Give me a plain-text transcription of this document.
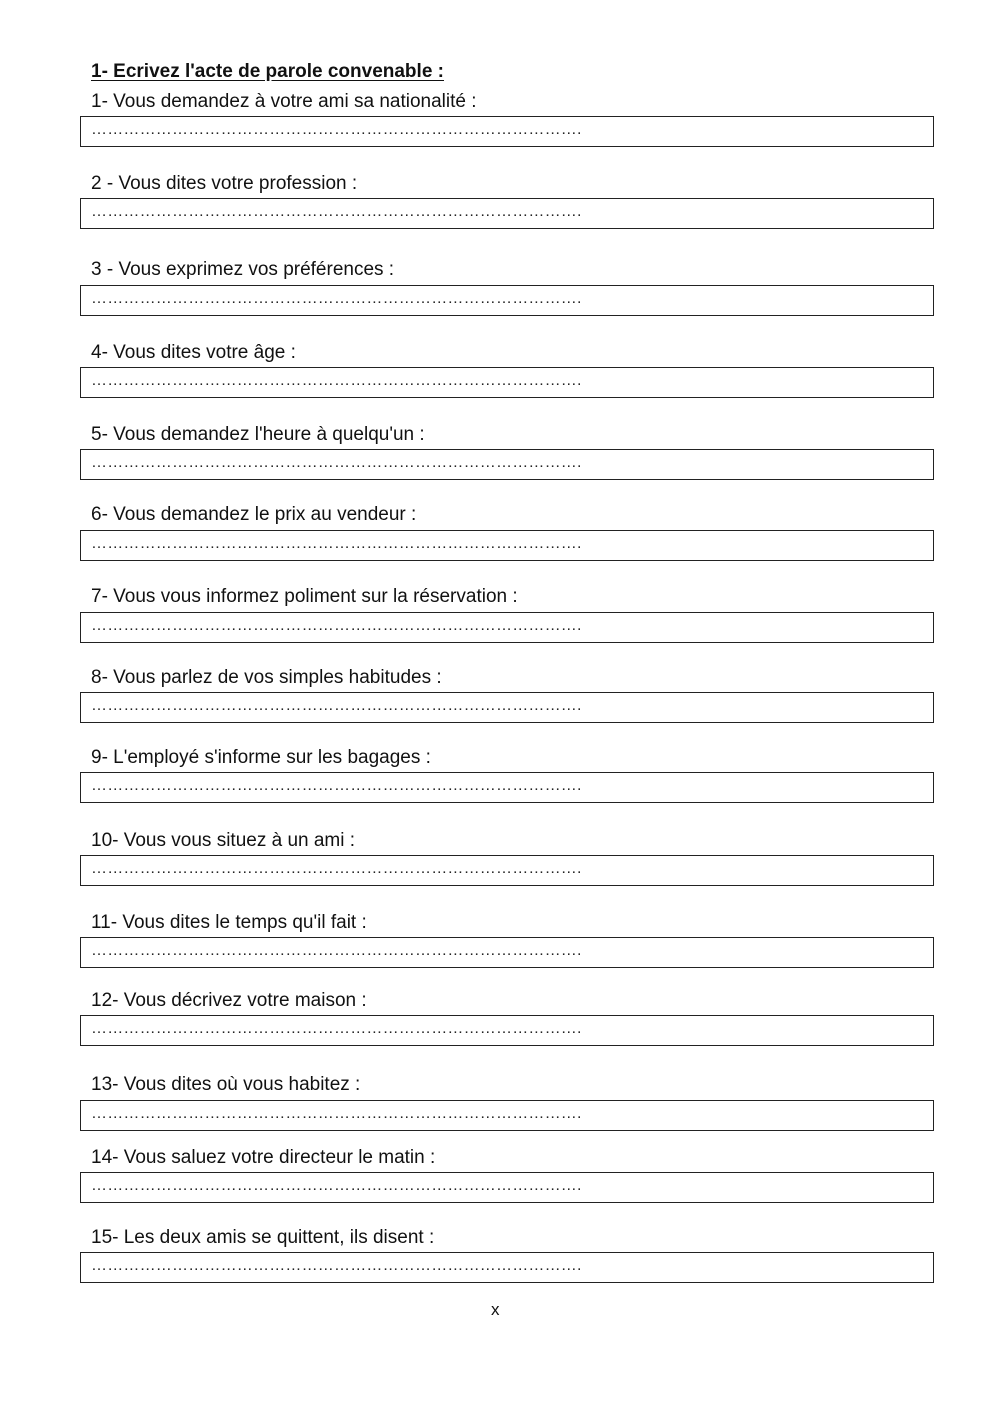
1- Ecrivez l'acte de parole convenable :
1- Vous demandez à votre ami sa nationalité :
……………………………………………………………………………….
2 - Vous dites votre profession :
……………………………………………………………………………….
3 - Vous exprimez vos préférences :
……………………………………………………………………………….
4- Vous dites votre âge :
……………………………………………………………………………….
5- Vous demandez l'heure à quelqu'un :
……………………………………………………………………………….
6- Vous demandez le prix au vendeur :
……………………………………………………………………………….
7- Vous vous informez poliment sur la réservation :
……………………………………………………………………………….
8- Vous parlez de vos simples habitudes :
……………………………………………………………………………….
9- L'employé s'informe sur les bagages :
……………………………………………………………………………….
10- Vous vous situez à un ami :
……………………………………………………………………………….
11- Vous dites le temps qu'il fait :
……………………………………………………………………………….
12- Vous décrivez votre maison :
……………………………………………………………………………….
13- Vous dites où vous habitez :
……………………………………………………………………………….
14- Vous saluez votre directeur le matin :
……………………………………………………………………………….
15- Les deux amis se quittent, ils disent :
……………………………………………………………………………….
x
